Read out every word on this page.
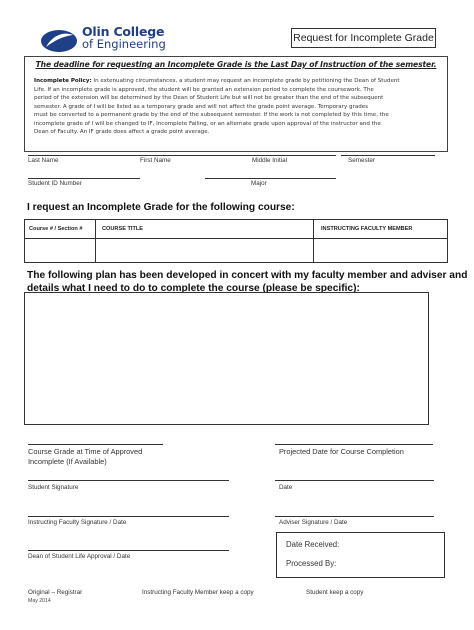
Olin College
of Engineering	Request for Incomplete Grade
The deadline for requesting an Incomplete Grade is the Last Day of Instruction of the semester.
Incomplete Policy: In extenuating circumstances, a student may request an incomplete grade by petitioning the Dean of Student
Life. If an incomplete grade is approved, the student will be granted an extension period to complete the coursework. The
period of the extension will be determined by the Dean of Student Life but will not be greater than the end of the subsequent
semester. A grade of I will be listed as a temporary grade and will not affect the grade point average. Temporary grades
must be converted to a permanent grade by the end of the subsequent semester. If the work is not completed by this time, the
incomplete grade of I will be changed to IF, Incomplete Failing, or an alternate grade upon approval of the instructor and the
Dean of Faculty. An IF grade does affect a grade point average.
Last Name	First Name	Middle Initial	Semester
Student ID Number	Major
I request an Incomplete Grade for the following course:
Course # / Section #	COURSE TITLE	INSTRUCTING FACULTY MEMBER
The following plan has been developed in concert with my faculty member and adviser and
details what I need to do to complete the course (please be specific):
Course Grade at Time of Approved
Incomplete (If Available)
Projected Date for Course Completion
Student Signature	Date
Instructing Faculty Signature / Date	Adviser Signature / Date
Dean of Student Life Approval / Date
Date Received:
Processed By:
Original – Registrar
May 2014
Instructing Faculty Member keep a copy	Student keep a copy
